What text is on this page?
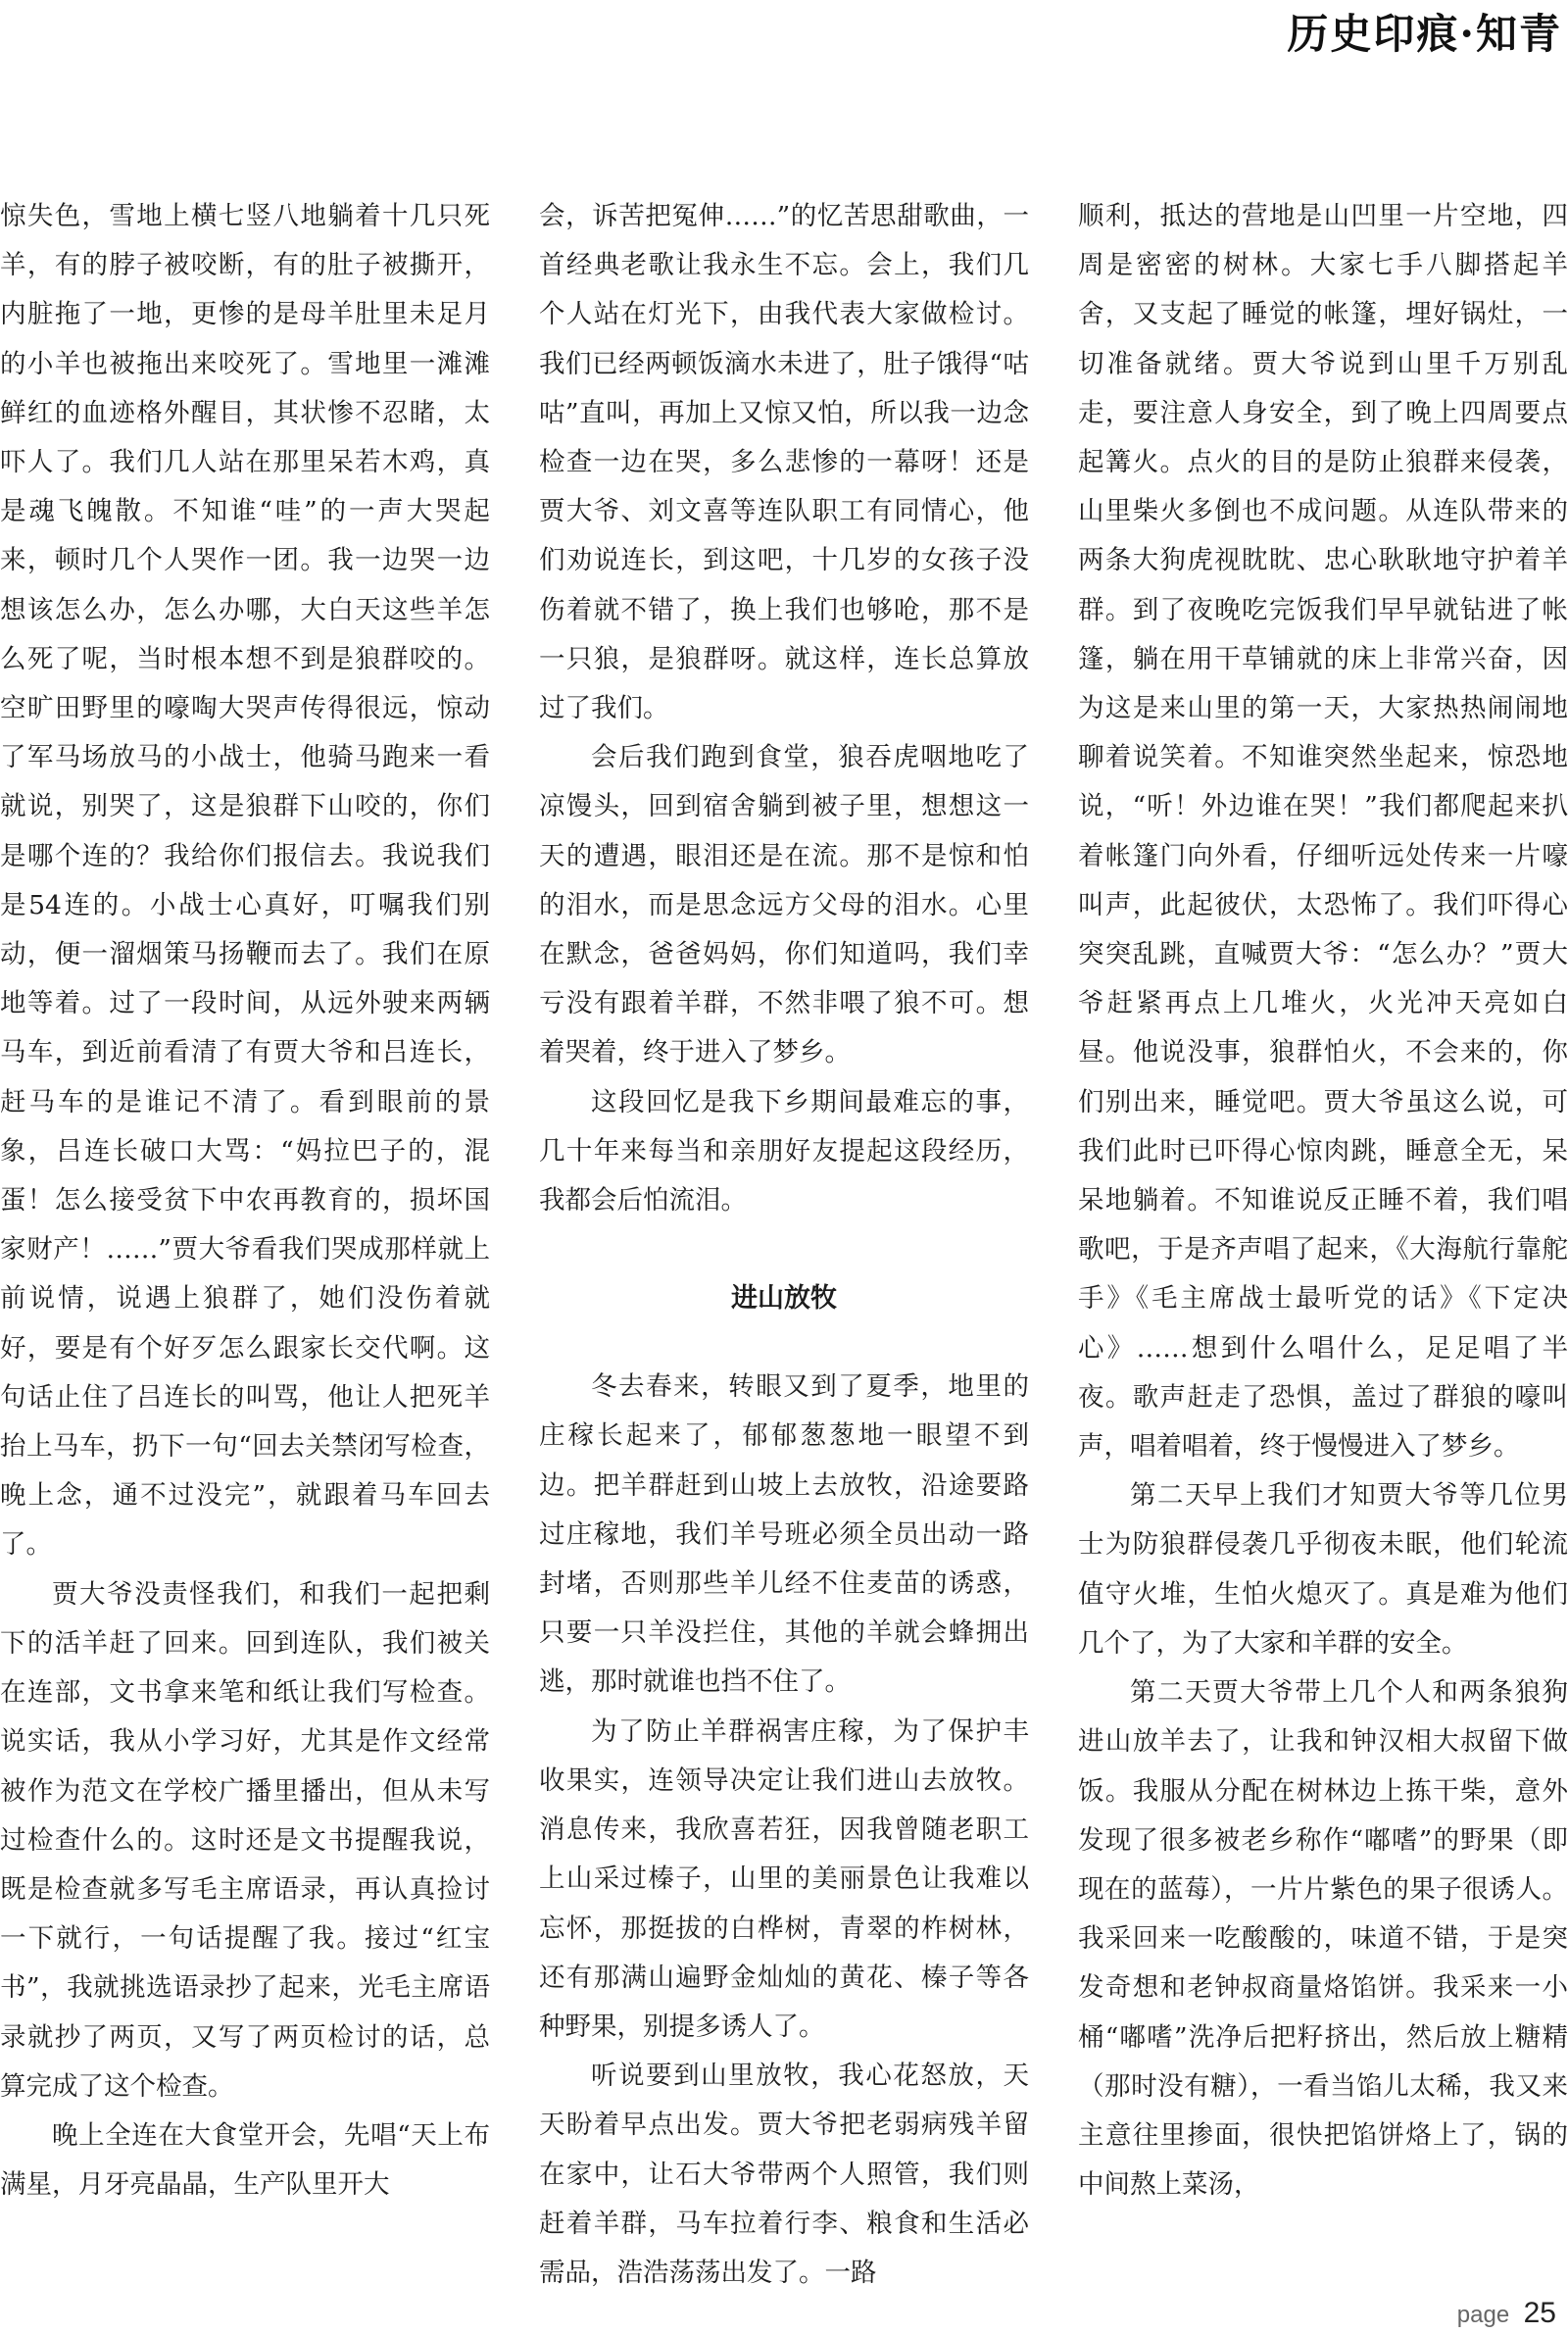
历史印痕·知青

惊失色，雪地上横七竖八地躺着十几只死羊，有的脖子被咬断，有的肚子被撕开，内脏拖了一地，更惨的是母羊肚里未足月的小羊也被拖出来咬死了。雪地里一滩滩鲜红的血迹格外醒目，其状惨不忍睹，太吓人了。我们几人站在那里呆若木鸡，真是魂飞魄散。不知谁“哇”的一声大哭起来，顿时几个人哭作一团。我一边哭一边想该怎么办，怎么办哪，大白天这些羊怎么死了呢，当时根本想不到是狼群咬的。空旷田野里的嚎啕大哭声传得很远，惊动了军马场放马的小战士，他骑马跑来一看就说，别哭了，这是狼群下山咬的，你们是哪个连的？我给你们报信去。我说我们是54连的。小战士心真好，叮嘱我们别动，便一溜烟策马扬鞭而去了。我们在原地等着。过了一段时间，从远外驶来两辆马车，到近前看清了有贾大爷和吕连长，赶马车的是谁记不清了。看到眼前的景象，吕连长破口大骂：“妈拉巴子的，混蛋！怎么接受贫下中农再教育的，损坏国家财产！……”贾大爷看我们哭成那样就上前说情，说遇上狼群了，她们没伤着就好，要是有个好歹怎么跟家长交代啊。这句话止住了吕连长的叫骂，他让人把死羊抬上马车，扔下一句“回去关禁闭写检查，晚上念，通不过没完”，就跟着马车回去了。

贾大爷没责怪我们，和我们一起把剩下的活羊赶了回来。回到连队，我们被关在连部，文书拿来笔和纸让我们写检查。说实话，我从小学习好，尤其是作文经常被作为范文在学校广播里播出，但从未写过检查什么的。这时还是文书提醒我说，既是检查就多写毛主席语录，再认真捡讨一下就行，一句话提醒了我。接过“红宝书”，我就挑选语录抄了起来，光毛主席语录就抄了两页，又写了两页检讨的话，总算完成了这个检查。

晚上全连在大食堂开会，先唱“天上布满星，月牙亮晶晶，生产队里开大

会，诉苦把冤伸……”的忆苦思甜歌曲，一首经典老歌让我永生不忘。会上，我们几个人站在灯光下，由我代表大家做检讨。我们已经两顿饭滴水未进了，肚子饿得“咕咕”直叫，再加上又惊又怕，所以我一边念检查一边在哭，多么悲惨的一幕呀！还是贾大爷、刘文喜等连队职工有同情心，他们劝说连长，到这吧，十几岁的女孩子没伤着就不错了，换上我们也够呛，那不是一只狼，是狼群呀。就这样，连长总算放过了我们。

会后我们跑到食堂，狼吞虎咽地吃了凉馒头，回到宿舍躺到被子里，想想这一天的遭遇，眼泪还是在流。那不是惊和怕的泪水，而是思念远方父母的泪水。心里在默念，爸爸妈妈，你们知道吗，我们幸亏没有跟着羊群，不然非喂了狼不可。想着哭着，终于进入了梦乡。

这段回忆是我下乡期间最难忘的事，几十年来每当和亲朋好友提起这段经历，我都会后怕流泪。

进山放牧

冬去春来，转眼又到了夏季，地里的庄稼长起来了，郁郁葱葱地一眼望不到边。把羊群赶到山坡上去放牧，沿途要路过庄稼地，我们羊号班必须全员出动一路封堵，否则那些羊儿经不住麦苗的诱惑，只要一只羊没拦住，其他的羊就会蜂拥出逃，那时就谁也挡不住了。

为了防止羊群祸害庄稼，为了保护丰收果实，连领导决定让我们进山去放牧。消息传来，我欣喜若狂，因我曾随老职工上山采过榛子，山里的美丽景色让我难以忘怀，那挺拔的白桦树，青翠的柞树林，还有那满山遍野金灿灿的黄花、榛子等各种野果，别提多诱人了。

听说要到山里放牧，我心花怒放，天天盼着早点出发。贾大爷把老弱病残羊留在家中，让石大爷带两个人照管，我们则赶着羊群，马车拉着行李、粮食和生活必需品，浩浩荡荡出发了。一路

顺利，抵达的营地是山凹里一片空地，四周是密密的树林。大家七手八脚搭起羊舍，又支起了睡觉的帐篷，埋好锅灶，一切准备就绪。贾大爷说到山里千万别乱走，要注意人身安全，到了晚上四周要点起篝火。点火的目的是防止狼群来侵袭，山里柴火多倒也不成问题。从连队带来的两条大狗虎视眈眈、忠心耿耿地守护着羊群。到了夜晚吃完饭我们早早就钻进了帐篷，躺在用干草铺就的床上非常兴奋，因为这是来山里的第一天，大家热热闹闹地聊着说笑着。不知谁突然坐起来，惊恐地说，“听！外边谁在哭！”我们都爬起来扒着帐篷门向外看，仔细听远处传来一片嚎叫声，此起彼伏，太恐怖了。我们吓得心突突乱跳，直喊贾大爷：“怎么办？”贾大爷赶紧再点上几堆火，火光冲天亮如白昼。他说没事，狼群怕火，不会来的，你们别出来，睡觉吧。贾大爷虽这么说，可我们此时已吓得心惊肉跳，睡意全无，呆呆地躺着。不知谁说反正睡不着，我们唱歌吧，于是齐声唱了起来，《大海航行靠舵手》《毛主席战士最听党的话》《下定决心》……想到什么唱什么，足足唱了半夜。歌声赶走了恐惧，盖过了群狼的嚎叫声，唱着唱着，终于慢慢进入了梦乡。

第二天早上我们才知贾大爷等几位男士为防狼群侵袭几乎彻夜未眠，他们轮流值守火堆，生怕火熄灭了。真是难为他们几个了，为了大家和羊群的安全。

第二天贾大爷带上几个人和两条狼狗进山放羊去了，让我和钟汉相大叔留下做饭。我服从分配在树林边上拣干柴，意外发现了很多被老乡称作“嘟嗜”的野果（即现在的蓝莓），一片片紫色的果子很诱人。我采回来一吃酸酸的，味道不错，于是突发奇想和老钟叔商量烙馅饼。我采来一小桶“嘟嗜”洗净后把籽挤出，然后放上糖精（那时没有糖），一看当馅儿太稀，我又来主意往里掺面，很快把馅饼烙上了，锅的中间熬上菜汤，

page 25
